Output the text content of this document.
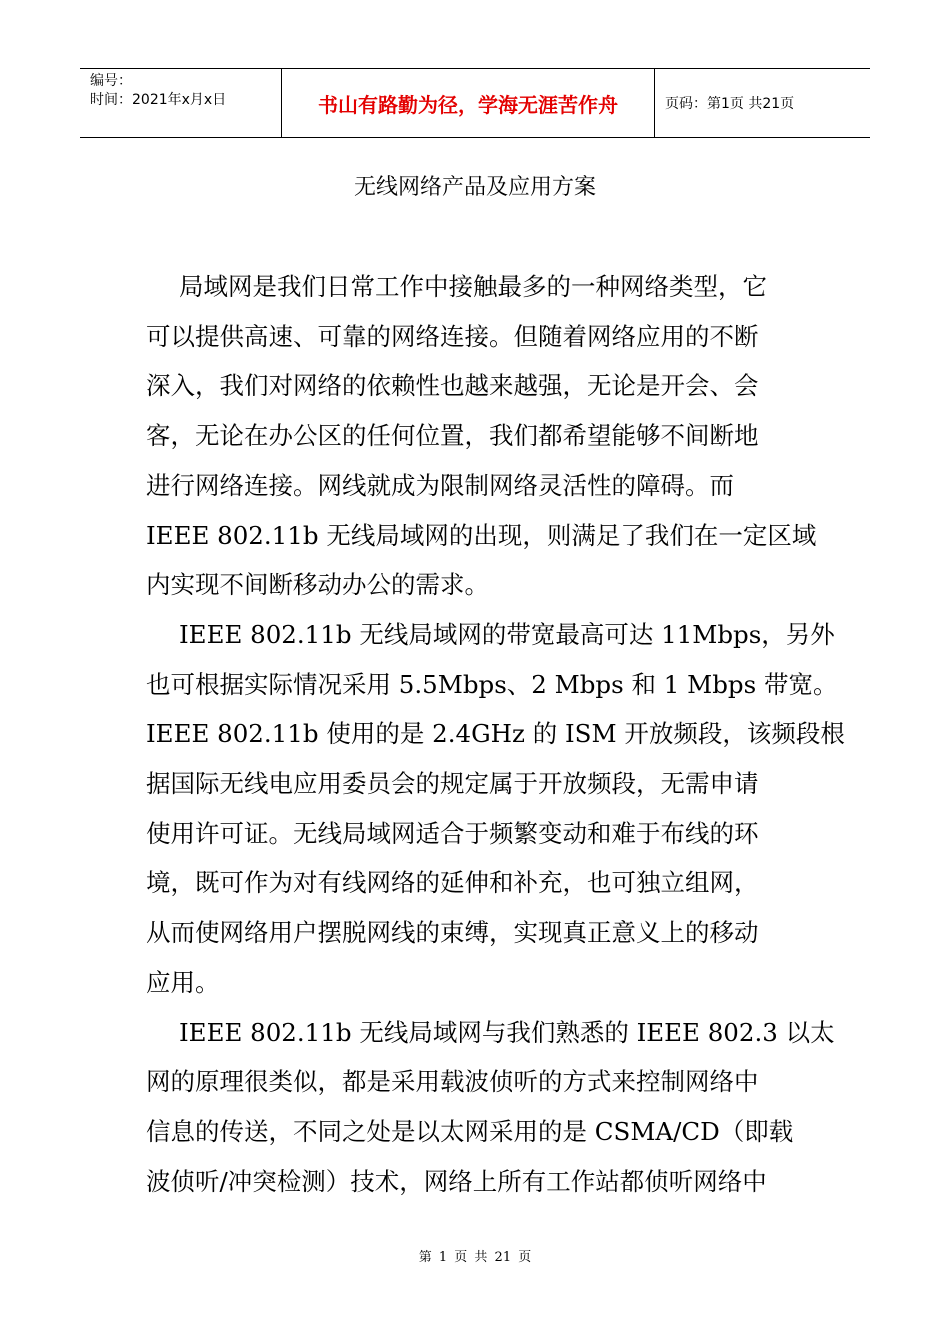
编号：
时间：2021年x月x日	书山有路勤为径，学海无涯苦作舟	页码：第1页 共21页
无线网络产品及应用方案

局域网是我们日常工作中接触最多的一种网络类型，它
可以提供高速、可靠的网络连接。但随着网络应用的不断
深入，我们对网络的依赖性也越来越强，无论是开会、会
客，无论在办公区的任何位置，我们都希望能够不间断地
进行网络连接。网线就成为限制网络灵活性的障碍。而
IEEE 802.11b 无线局域网的出现，则满足了我们在一定区域
内实现不间断移动办公的需求。

IEEE 802.11b 无线局域网的带宽最高可达 11Mbps，另外
也可根据实际情况采用 5.5Mbps、2 Mbps 和 1 Mbps 带宽。
IEEE 802.11b 使用的是 2.4GHz 的 ISM 开放频段，该频段根
据国际无线电应用委员会的规定属于开放频段，无需申请
使用许可证。无线局域网适合于频繁变动和难于布线的环
境，既可作为对有线网络的延伸和补充，也可独立组网，
从而使网络用户摆脱网线的束缚，实现真正意义上的移动
应用。

IEEE 802.11b 无线局域网与我们熟悉的 IEEE 802.3 以太
网的原理很类似，都是采用载波侦听的方式来控制网络中
信息的传送，不同之处是以太网采用的是 CSMA/CD（即载
波侦听/冲突检测）技术，网络上所有工作站都侦听网络中

第 1 页 共 21 页
